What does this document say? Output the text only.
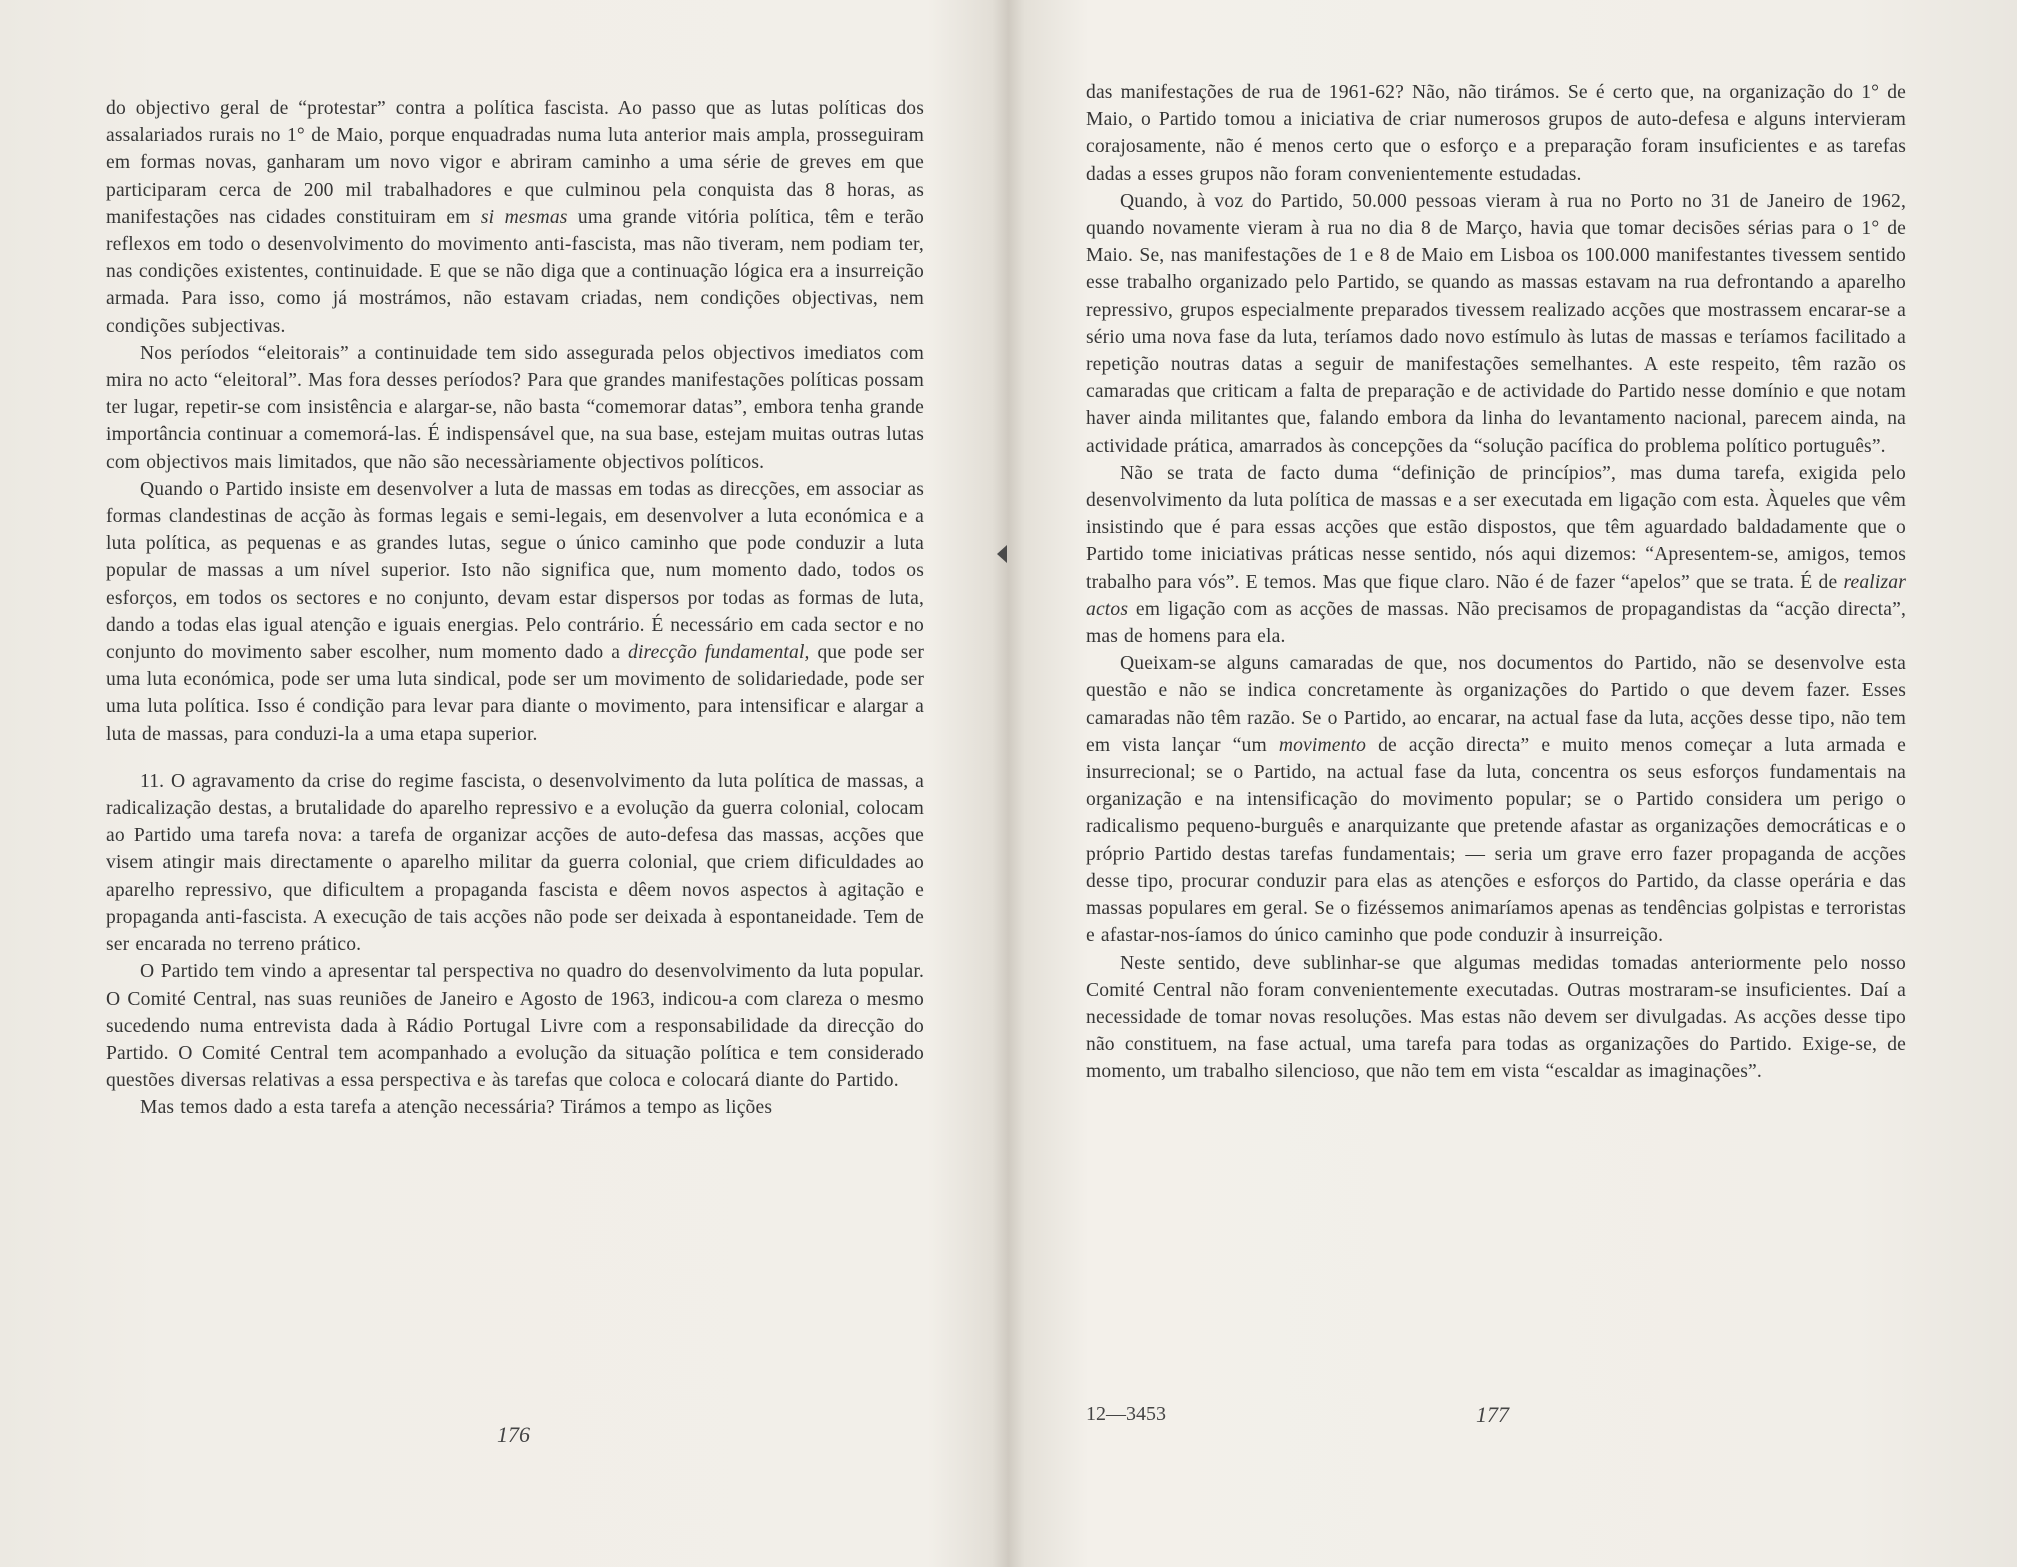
do objectivo geral de “protestar” contra a política fascista. Ao passo que as lutas políticas dos assalariados rurais no 1° de Maio, porque enquadradas numa luta anterior mais ampla, prosseguiram em formas novas, ganharam um novo vigor e abriram caminho a uma série de greves em que participaram cerca de 200 mil trabalhadores e que culminou pela conquista das 8 horas, as manifestações nas cidades constituiram em si mesmas uma grande vitória política, têm e terão reflexos em todo o desenvolvimento do movimento anti-fascista, mas não tiveram, nem podiam ter, nas condições existentes, continuidade. E que se não diga que a continuação lógica era a insurreição armada. Para isso, como já mostrámos, não estavam criadas, nem condições objectivas, nem condições subjectivas.

Nos períodos “eleitorais” a continuidade tem sido assegurada pelos objectivos imediatos com mira no acto “eleitoral”. Mas fora desses períodos? Para que grandes manifestações políticas possam ter lugar, repetir-se com insistência e alargar-se, não basta “comemorar datas”, embora tenha grande importância continuar a comemorá-las. É indispensável que, na sua base, estejam muitas outras lutas com objectivos mais limitados, que não são necessàriamente objectivos políticos.

Quando o Partido insiste em desenvolver a luta de massas em todas as direcções, em associar as formas clandestinas de acção às formas legais e semi-legais, em desenvolver a luta económica e a luta política, as pequenas e as grandes lutas, segue o único caminho que pode conduzir a luta popular de massas a um nível superior. Isto não significa que, num momento dado, todos os esforços, em todos os sectores e no conjunto, devam estar dispersos por todas as formas de luta, dando a todas elas igual atenção e iguais energias. Pelo contrário. É necessário em cada sector e no conjunto do movimento saber escolher, num momento dado a direcção fundamental, que pode ser uma luta económica, pode ser uma luta sindical, pode ser um movimento de solidariedade, pode ser uma luta política. Isso é condição para levar para diante o movimento, para intensificar e alargar a luta de massas, para conduzi-la a uma etapa superior.

11. O agravamento da crise do regime fascista, o desenvolvimento da luta política de massas, a radicalização destas, a brutalidade do aparelho repressivo e a evolução da guerra colonial, colocam ao Partido uma tarefa nova: a tarefa de organizar acções de auto-defesa das massas, acções que visem atingir mais directamente o aparelho militar da guerra colonial, que criem dificuldades ao aparelho repressivo, que dificultem a propaganda fascista e dêem novos aspectos à agitação e propaganda anti-fascista. A execução de tais acções não pode ser deixada à espontaneidade. Tem de ser encarada no terreno prático.

O Partido tem vindo a apresentar tal perspectiva no quadro do desenvolvimento da luta popular. O Comité Central, nas suas reuniões de Janeiro e Agosto de 1963, indicou-a com clareza o mesmo sucedendo numa entrevista dada à Rádio Portugal Livre com a responsabilidade da direcção do Partido. O Comité Central tem acompanhado a evolução da situação política e tem considerado questões diversas relativas a essa perspectiva e às tarefas que coloca e colocará diante do Partido.

Mas temos dado a esta tarefa a atenção necessária? Tirámos a tempo as lições

176

das manifestações de rua de 1961-62? Não, não tirámos. Se é certo que, na organização do 1° de Maio, o Partido tomou a iniciativa de criar numerosos grupos de auto-defesa e alguns intervieram corajosamente, não é menos certo que o esforço e a preparação foram insuficientes e as tarefas dadas a esses grupos não foram convenientemente estudadas.

Quando, à voz do Partido, 50.000 pessoas vieram à rua no Porto no 31 de Janeiro de 1962, quando novamente vieram à rua no dia 8 de Março, havia que tomar decisões sérias para o 1° de Maio. Se, nas manifestações de 1 e 8 de Maio em Lisboa os 100.000 manifestantes tivessem sentido esse trabalho organizado pelo Partido, se quando as massas estavam na rua defrontando a aparelho repressivo, grupos especialmente preparados tivessem realizado acções que mostrassem encarar-se a sério uma nova fase da luta, teríamos dado novo estímulo às lutas de massas e teríamos facilitado a repetição noutras datas a seguir de manifestações semelhantes. A este respeito, têm razão os camaradas que criticam a falta de preparação e de actividade do Partido nesse domínio e que notam haver ainda militantes que, falando embora da linha do levantamento nacional, parecem ainda, na actividade prática, amarrados às concepções da “solução pacífica do problema político português”.

Não se trata de facto duma “definição de princípios”, mas duma tarefa, exigida pelo desenvolvimento da luta política de massas e a ser executada em ligação com esta. Àqueles que vêm insistindo que é para essas acções que estão dispostos, que têm aguardado baldadamente que o Partido tome iniciativas práticas nesse sentido, nós aqui dizemos: “Apresentem-se, amigos, temos trabalho para vós”. E temos. Mas que fique claro. Não é de fazer “apelos” que se trata. É de realizar actos em ligação com as acções de massas. Não precisamos de propagandistas da “acção directa”, mas de homens para ela.

Queixam-se alguns camaradas de que, nos documentos do Partido, não se desenvolve esta questão e não se indica concretamente às organizações do Partido o que devem fazer. Esses camaradas não têm razão. Se o Partido, ao encarar, na actual fase da luta, acções desse tipo, não tem em vista lançar “um movimento de acção directa” e muito menos começar a luta armada e insurrecional; se o Partido, na actual fase da luta, concentra os seus esforços fundamentais na organização e na intensificação do movimento popular; se o Partido considera um perigo o radicalismo pequeno-burguês e anarquizante que pretende afastar as organizações democráticas e o próprio Partido destas tarefas fundamentais; — seria um grave erro fazer propaganda de acções desse tipo, procurar conduzir para elas as atenções e esforços do Partido, da classe operária e das massas populares em geral. Se o fizéssemos animaríamos apenas as tendências golpistas e terroristas e afastar-nos-íamos do único caminho que pode conduzir à insurreição.

Neste sentido, deve sublinhar-se que algumas medidas tomadas anteriormente pelo nosso Comité Central não foram convenientemente executadas. Outras mostraram-se insuficientes. Daí a necessidade de tomar novas resoluções. Mas estas não devem ser divulgadas. As acções desse tipo não constituem, na fase actual, uma tarefa para todas as organizações do Partido. Exige-se, de momento, um trabalho silencioso, que não tem em vista “escaldar as imaginações”.

12—3453	177
